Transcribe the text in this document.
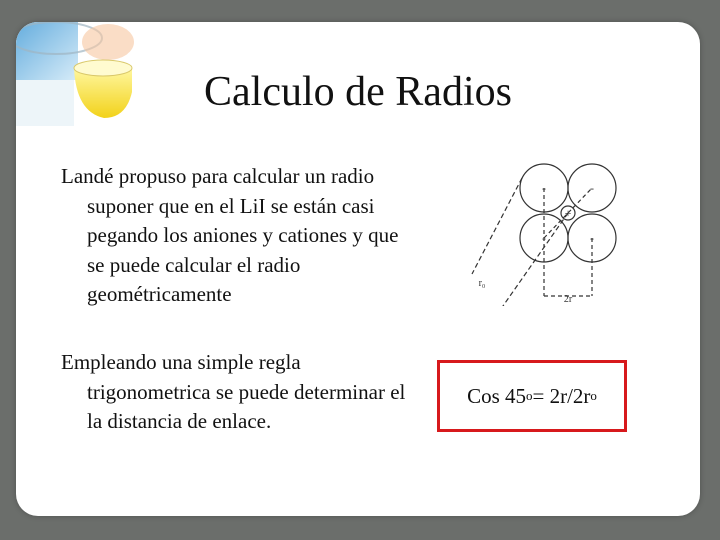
Calculo de Radios

Landé propuso para calcular un radio suponer que en el LiI se están casi pegando los aniones y cationes y que se puede calcular el radio geométricamente

Empleando una simple regla trigonometrica se puede determinar el la distancia de enlace.

-	-
-	-
+
r₀
2r
Cos 45 o = 2r/2r o
